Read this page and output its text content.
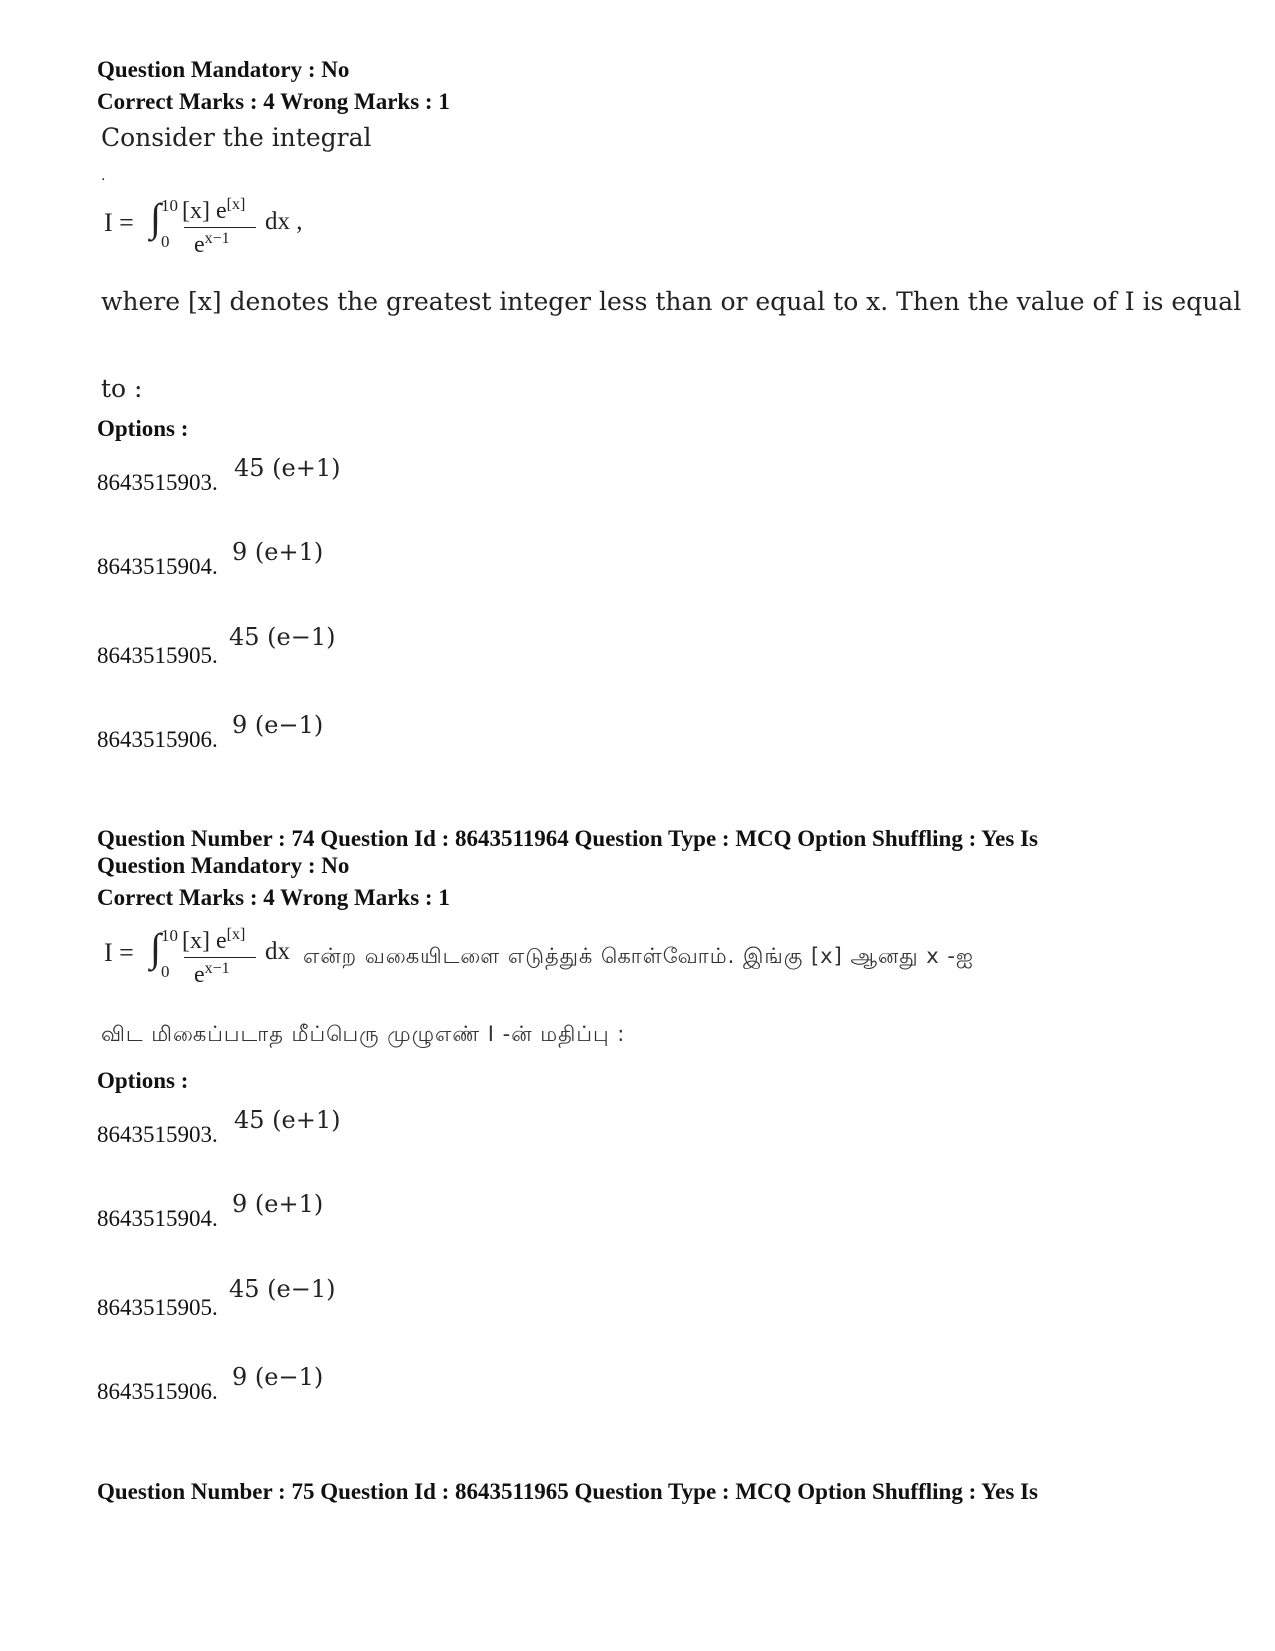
Question Mandatory : No
Correct Marks : 4 Wrong Marks : 1
Consider the integral
.
I = ∫ 10
0
[x] e[x]
$e^{x-1}$
dx ,
where [x] denotes the greatest integer less than or equal to x. Then the value of I is equal
to :
Options :
8643515903.
45 (e+1)
8643515904.
9 (e+1)
8643515905.
45 (e−1)
8643515906.
9 (e−1)
Question Number : 74 Question Id : 8643511964 Question Type : MCQ Option Shuffling : Yes Is
Question Mandatory : No
Correct Marks : 4 Wrong Marks : 1
I = ∫ 10
0
[x] e[x]
$e^{x-1}$
dx என்ற வகையிடளை எடுத்துக் கொள்வோம். இங்கு [x] ஆனது x -ஐ
விட மிகைப்படாத மீப்பெரு முழுஎண் I -ன் மதிப்பு :
Options :
8643515903.
45 (e+1)
8643515904.
9 (e+1)
8643515905.
45 (e−1)
8643515906.
9 (e−1)
Question Number : 75 Question Id : 8643511965 Question Type : MCQ Option Shuffling : Yes Is
